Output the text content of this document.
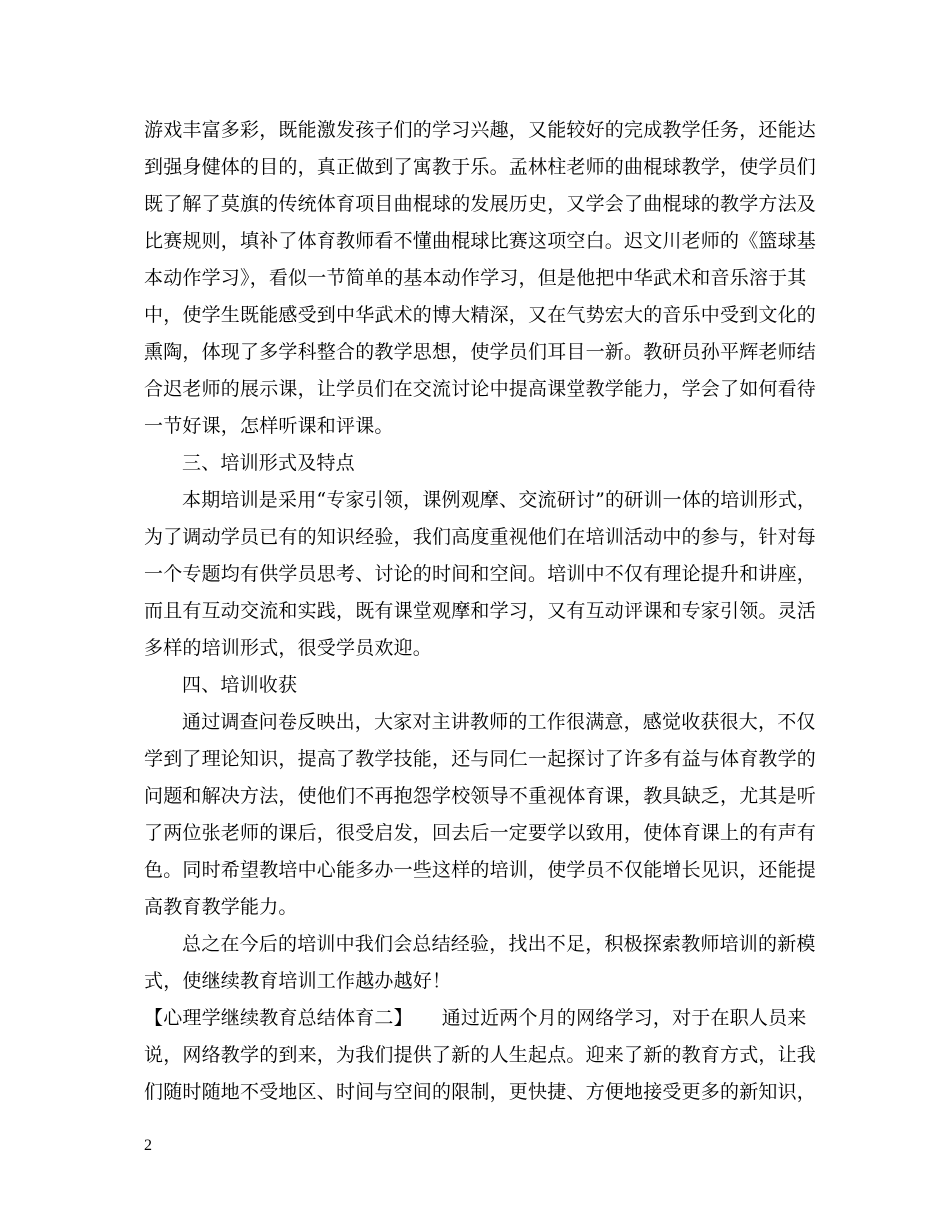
游戏丰富多彩，既能激发孩子们的学习兴趣，又能较好的完成教学任务，还能达
到强身健体的目的，真正做到了寓教于乐。孟林柱老师的曲棍球教学，使学员们
既了解了莫旗的传统体育项目曲棍球的发展历史，又学会了曲棍球的教学方法及
比赛规则，填补了体育教师看不懂曲棍球比赛这项空白。迟文川老师的《篮球基
本动作学习》，看似一节简单的基本动作学习，但是他把中华武术和音乐溶于其
中，使学生既能感受到中华武术的博大精深，又在气势宏大的音乐中受到文化的
熏陶，体现了多学科整合的教学思想，使学员们耳目一新。教研员孙平辉老师结
合迟老师的展示课，让学员们在交流讨论中提高课堂教学能力，学会了如何看待
一节好课，怎样听课和评课。
三、培训形式及特点
本期培训是采用“专家引领，课例观摩、交流研讨”的研训一体的培训形式，
为了调动学员已有的知识经验，我们高度重视他们在培训活动中的参与，针对每
一个专题均有供学员思考、讨论的时间和空间。培训中不仅有理论提升和讲座，
而且有互动交流和实践，既有课堂观摩和学习，又有互动评课和专家引领。灵活
多样的培训形式，很受学员欢迎。
四、培训收获
通过调查问卷反映出，大家对主讲教师的工作很满意，感觉收获很大，不仅
学到了理论知识，提高了教学技能，还与同仁一起探讨了许多有益与体育教学的
问题和解决方法，使他们不再抱怨学校领导不重视体育课，教具缺乏，尤其是听
了两位张老师的课后，很受启发，回去后一定要学以致用，使体育课上的有声有
色。同时希望教培中心能多办一些这样的培训，使学员不仅能增长见识，还能提
高教育教学能力。
总之在今后的培训中我们会总结经验，找出不足，积极探索教师培训的新模
式，使继续教育培训工作越办越好！
【心理学继续教育总结体育二】　　通过近两个月的网络学习，对于在职人员来
说，网络教学的到来，为我们提供了新的人生起点。迎来了新的教育方式，让我
们随时随地不受地区、时间与空间的限制，更快捷、方便地接受更多的新知识，
2
